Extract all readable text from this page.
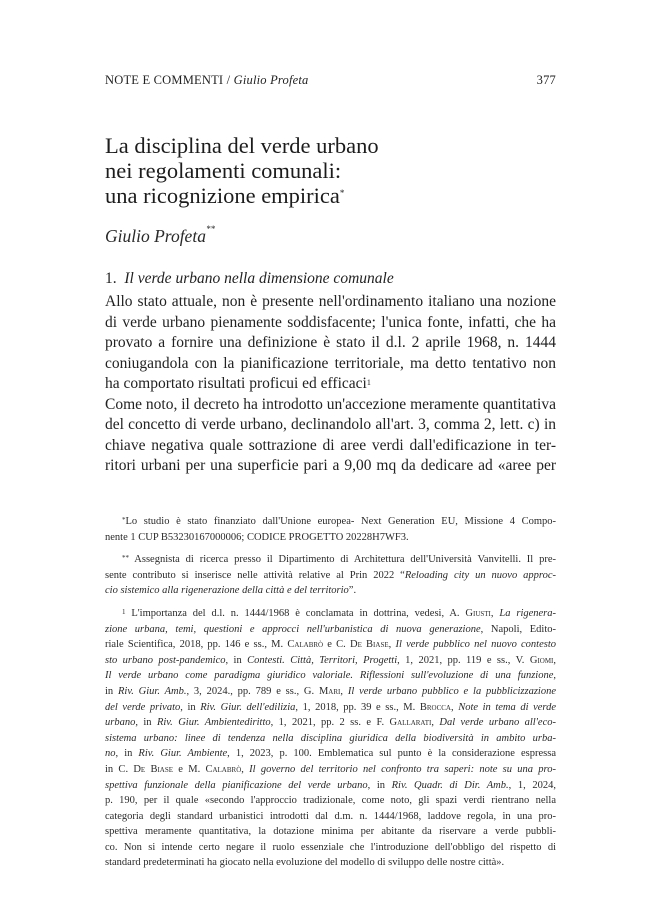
NOTE E COMMENTI / Giulio Profeta	377
La disciplina del verde urbano
nei regolamenti comunali:
una ricognizione empirica*
Giulio Profeta**
1. Il verde urbano nella dimensione comunale
Allo stato attuale, non è presente nell'ordinamento italiano una nozione
di verde urbano pienamente soddisfacente; l'unica fonte, infatti, che ha
provato a fornire una definizione è stato il d.l. 2 aprile 1968, n. 1444
coniugandola con la pianificazione territoriale, ma detto tentativo non
ha comportato risultati proficui ed efficaci$^1$
Come noto, il decreto ha introdotto un'accezione meramente quantitativa
del concetto di verde urbano, declinandolo all'art. 3, comma 2, lett. c) in
chiave negativa quale sottrazione di aree verdi dall'edificazione in ter-
ritori urbani per una superficie pari a 9,00 mq da dedicare ad «aree per
*Lo studio è stato finanziato dall'Unione europea- Next Generation EU, Missione 4 Compo-
nente 1 CUP B53230167000006; CODICE PROGETTO 20228H7WF3.
** Assegnista di ricerca presso il Dipartimento di Architettura dell'Università Vanvitelli. Il pre-
sente contributo si inserisce nelle attività relative al Prin 2022 “Reloading city un nuovo approc-
cio sistemico alla rigenerazione della città e del territorio”.
$^1$ L'importanza del d.l. n. 1444/1968 è conclamata in dottrina, vedesi, A. Giusti, La rigenera-
zione urbana, temi, questioni e approcci nell'urbanistica di nuova generazione, Napoli, Edito-
riale Scientifica, 2018, pp. 146 e ss., M. Calabrò e C. De Biase, Il verde pubblico nel nuovo contesto
sto urbano post-pandemico, in Contesti. Città, Territori, Progetti, 1, 2021, pp. 119 e ss., V. Giomi,
Il verde urbano come paradigma giuridico valoriale. Riflessioni sull'evoluzione di una funzione,
in Riv. Giur. Amb., 3, 2024., pp. 789 e ss., G. Mari, Il verde urbano pubblico e la pubblicizzazione
del verde privato, in Riv. Giur. dell'edilizia, 1, 2018, pp. 39 e ss., M. Brocca, Note in tema di verde
urbano, in Riv. Giur. Ambientediritto, 1, 2021, pp. 2 ss. e F. Gallarati, Dal verde urbano all'eco-
sistema urbano: linee di tendenza nella disciplina giuridica della biodiversità in ambito urba-
no, in Riv. Giur. Ambiente, 1, 2023, p. 100. Emblematica sul punto è la considerazione espressa
in C. De Biase e M. Calabrò, Il governo del territorio nel confronto tra saperi: note su una pro-
spettiva funzionale della pianificazione del verde urbano, in Riv. Quadr. di Dir. Amb., 1, 2024,
p. 190, per il quale «secondo l'approccio tradizionale, come noto, gli spazi verdi rientrano nella
categoria degli standard urbanistici introdotti dal d.m. n. 1444/1968, laddove regola, in una pro-
spettiva meramente quantitativa, la dotazione minima per abitante da riservare a verde pubbli-
co. Non si intende certo negare il ruolo essenziale che l'introduzione dell'obbligo del rispetto di
standard predeterminati ha giocato nella evoluzione del modello di sviluppo delle nostre città».
